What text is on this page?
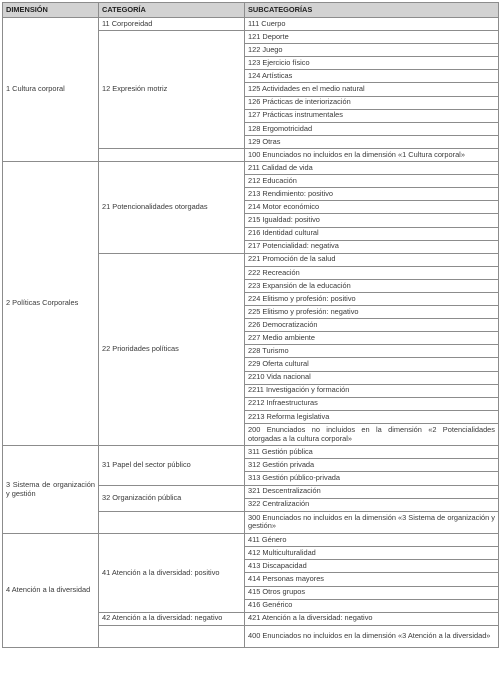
DIMENSIÓN	CATEGORÍA	SUBCATEGORÍAS
1 Cultura corporal	11 Corporeidad	111 Cuerpo
	12 Expresión motriz	121 Deporte
		122 Juego
		123 Ejercicio físico
		124 Artísticas
		125 Actividades en el medio natural
		126 Prácticas de interiorización
		127 Prácticas instrumentales
		128 Ergomotricidad
		129 Otras
		100 Enunciados no incluidos en la dimensión «1 Cultura corporal»
2 Políticas Corporales	21 Potencionalidades otorgadas	211 Calidad de vida
		212 Educación
		213 Rendimiento: positivo
		214 Motor económico
		215 Igualdad: positivo
		216 Identidad cultural
		217 Potencialidad: negativa
	22 Prioridades políticas	221 Promoción de la salud
		222 Recreación
		223 Expansión de la educación
		224 Elitismo y profesión: positivo
		225 Elitismo y profesión: negativo
		226 Democratización
		227 Medio ambiente
		228 Turismo
		229 Oferta cultural
		2210 Vida nacional
		2211 Investigación y formación
		2212 Infraestructuras
		2213 Reforma legislativa
		200 Enunciados no incluidos en la dimensión «2 Potencialidades otorgadas a la cultura corporal»
3 Sistema de organización y gestión	31 Papel del sector público	311 Gestión pública
		312 Gestión privada
		313 Gestión público-privada
	32 Organización pública	321 Descentralización
		322 Centralización
		300 Enunciados no incluidos en la dimensión «3 Sistema de organización y gestión»
4 Atención a la diversidad	41 Atención a la diversidad: positivo	411 Género
		412 Multiculturalidad
		413 Discapacidad
		414 Personas mayores
		415 Otros grupos
		416 Genérico
	42 Atención a la diversidad: negativo	421 Atención a la diversidad: negativo
		400 Enunciados no incluidos en la dimensión «3 Atención a la diversidad»
